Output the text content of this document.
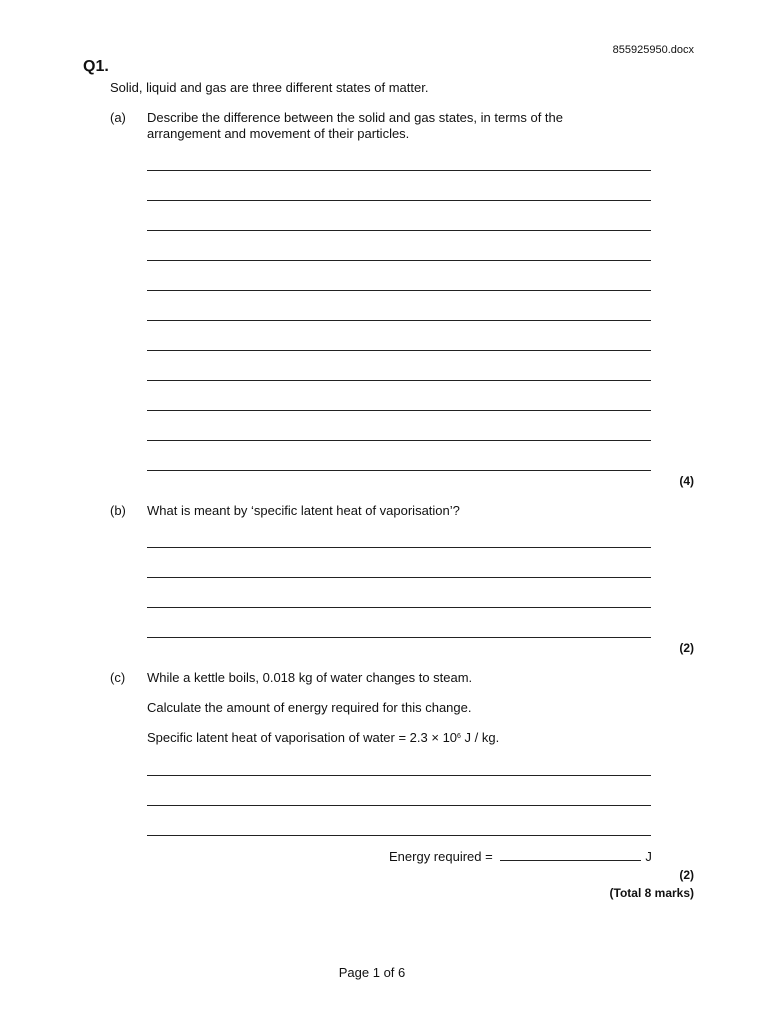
855925950.docx
Q1.
Solid, liquid and gas are three different states of matter.
(a) Describe the difference between the solid and gas states, in terms of the arrangement and movement of their particles.
(4)
(b) What is meant by ‘specific latent heat of vaporisation’?
(2)
(c) While a kettle boils, 0.018 kg of water changes to steam.
Calculate the amount of energy required for this change.
Specific latent heat of vaporisation of water = $2.3 \times 10^6$ J / kg.
Energy required =	J
(2)
(Total 8 marks)
Page 1 of 6
